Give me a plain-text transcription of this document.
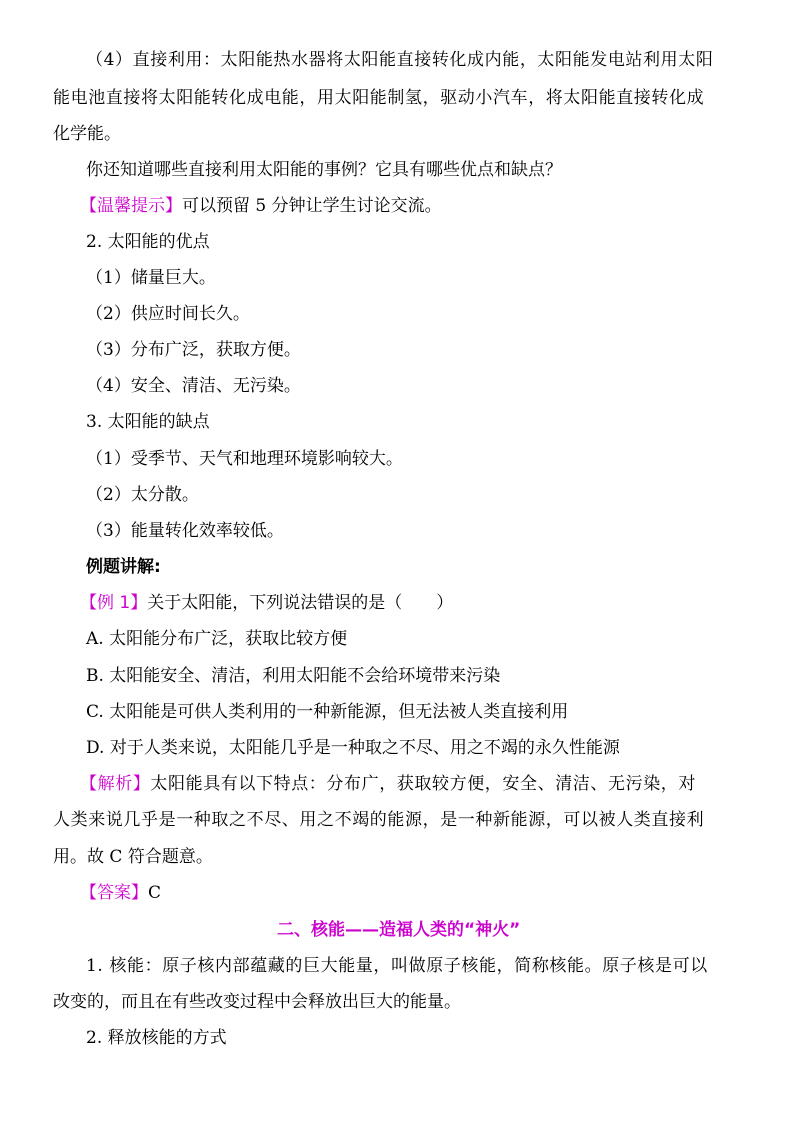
（4）直接利用：太阳能热水器将太阳能直接转化成内能，太阳能发电站利用太阳
能电池直接将太阳能转化成电能，用太阳能制氢，驱动小汽车，将太阳能直接转化成
化学能。
你还知道哪些直接利用太阳能的事例？它具有哪些优点和缺点？
【温馨提示】可以预留 5 分钟让学生讨论交流。
2. 太阳能的优点
（1）储量巨大。
（2）供应时间长久。
（3）分布广泛，获取方便。
（4）安全、清洁、无污染。
3. 太阳能的缺点
（1）受季节、天气和地理环境影响较大。
（2）太分散。
（3）能量转化效率较低。
例题讲解:
【例 1】关于太阳能，下列说法错误的是（　　）
A. 太阳能分布广泛，获取比较方便
B. 太阳能安全、清洁，利用太阳能不会给环境带来污染
C. 太阳能是可供人类利用的一种新能源，但无法被人类直接利用
D. 对于人类来说，太阳能几乎是一种取之不尽、用之不竭的永久性能源
【解析】太阳能具有以下特点：分布广，获取较方便，安全、清洁、无污染，对
人类来说几乎是一种取之不尽、用之不竭的能源，是一种新能源，可以被人类直接利
用。故 C 符合题意。
【答案】C
二、核能——造福人类的“神火”
1. 核能：原子核内部蕴藏的巨大能量，叫做原子核能，简称核能。原子核是可以
改变的，而且在有些改变过程中会释放出巨大的能量。
2. 释放核能的方式
